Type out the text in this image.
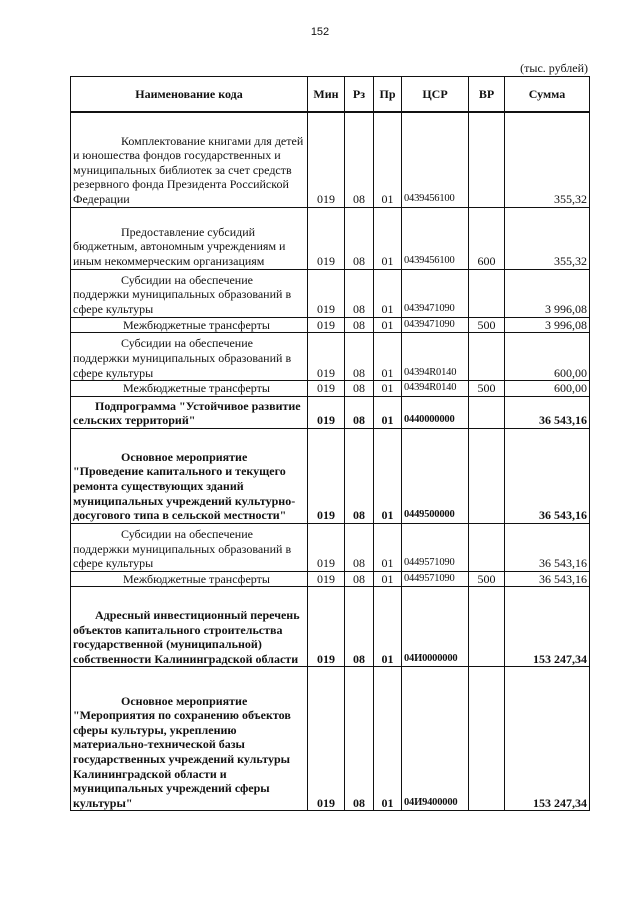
152
(тыс. рублей)
Наименование кода	Мин	Рз	Пр	ЦСР	ВР	Сумма

Комплектование книгами для детей и юношества фондов государственных и муниципальных библиотек за счет средств резервного фонда Президента Российской Федерации	019	08	01	0439456100		355,32

Предоставление субсидий бюджетным, автономным учреждениям и иным некоммерческим организациям	019	08	01	0439456100	600	355,32

Субсидии на обеспечение поддержки муниципальных образований в сфере культуры	019	08	01	0439471090		3 996,08
Межбюджетные трансферты	019	08	01	0439471090	500	3 996,08

Субсидии на обеспечение поддержки муниципальных образований в сфере культуры	019	08	01	04394R0140		600,00
Межбюджетные трансферты	019	08	01	04394R0140	500	600,00

Подпрограмма "Устойчивое развитие сельских территорий"	019	08	01	0440000000		36 543,16

Основное мероприятие "Проведение капитального и текущего ремонта существующих зданий муниципальных учреждений культурно-досугового типа в сельской местности"	019	08	01	0449500000		36 543,16

Субсидии на обеспечение поддержки муниципальных образований в сфере культуры	019	08	01	0449571090		36 543,16
Межбюджетные трансферты	019	08	01	0449571090	500	36 543,16

Адресный инвестиционный перечень объектов капитального строительства государственной (муниципальной) собственности Калининградской области	019	08	01	04И0000000		153 247,34

Основное мероприятие "Мероприятия по сохранению объектов сферы культуры, укреплению материально-технической базы государственных учреждений культуры Калининградской области и муниципальных учреждений сферы культуры"	019	08	01	04И9400000		153 247,34
